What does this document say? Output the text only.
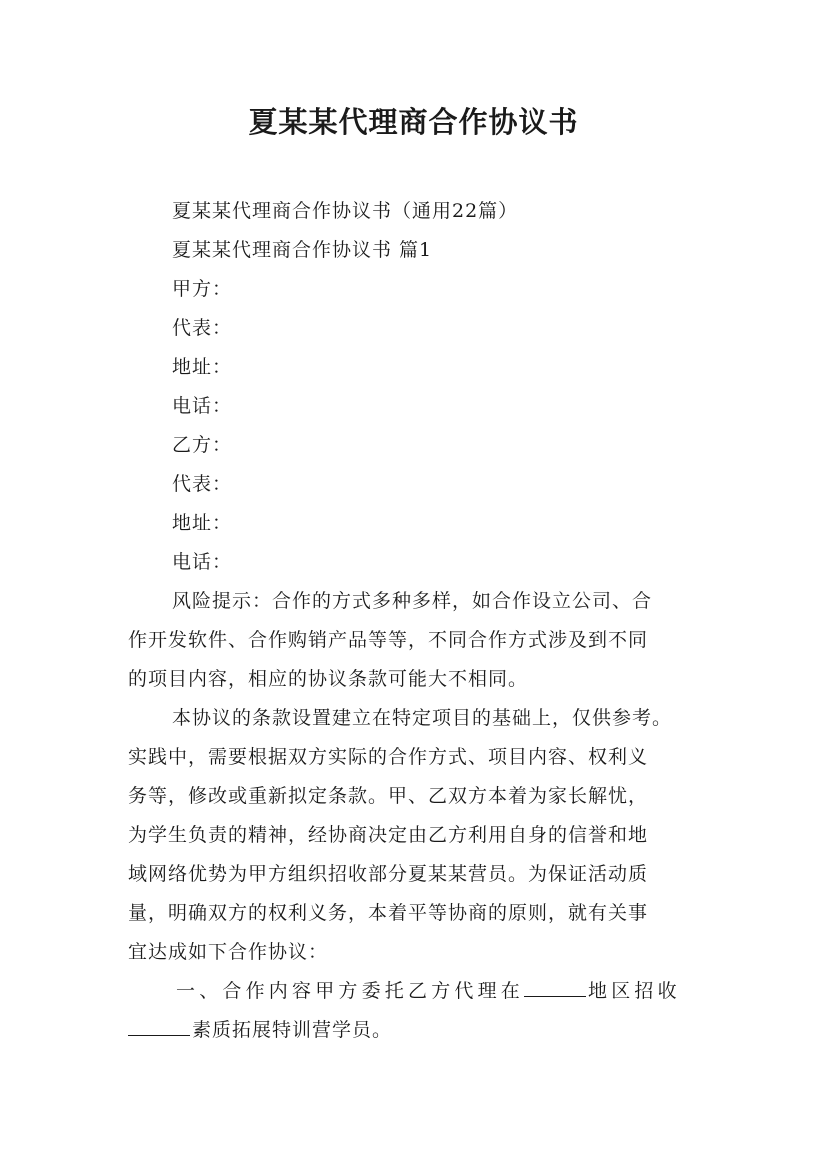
夏某某代理商合作协议书

夏某某代理商合作协议书（通用22篇）

夏某某代理商合作协议书 篇1

甲方：

代表：

地址：

电话：

乙方：

代表：

地址：

电话：

风险提示：合作的方式多种多样，如合作设立公司、合
作开发软件、合作购销产品等等，不同合作方式涉及到不同
的项目内容，相应的协议条款可能大不相同。
本协议的条款设置建立在特定项目的基础上，仅供参考。
实践中，需要根据双方实际的合作方式、项目内容、权利义
务等，修改或重新拟定条款。甲、乙双方本着为家长解忧，
为学生负责的精神，经协商决定由乙方利用自身的信誉和地
域网络优势为甲方组织招收部分夏某某营员。为保证活动质
量，明确双方的权利义务，本着平等协商的原则，就有关事
宜达成如下合作协议：
一、合作内容甲方委托乙方代理在	地区招收
素质拓展特训营学员。
